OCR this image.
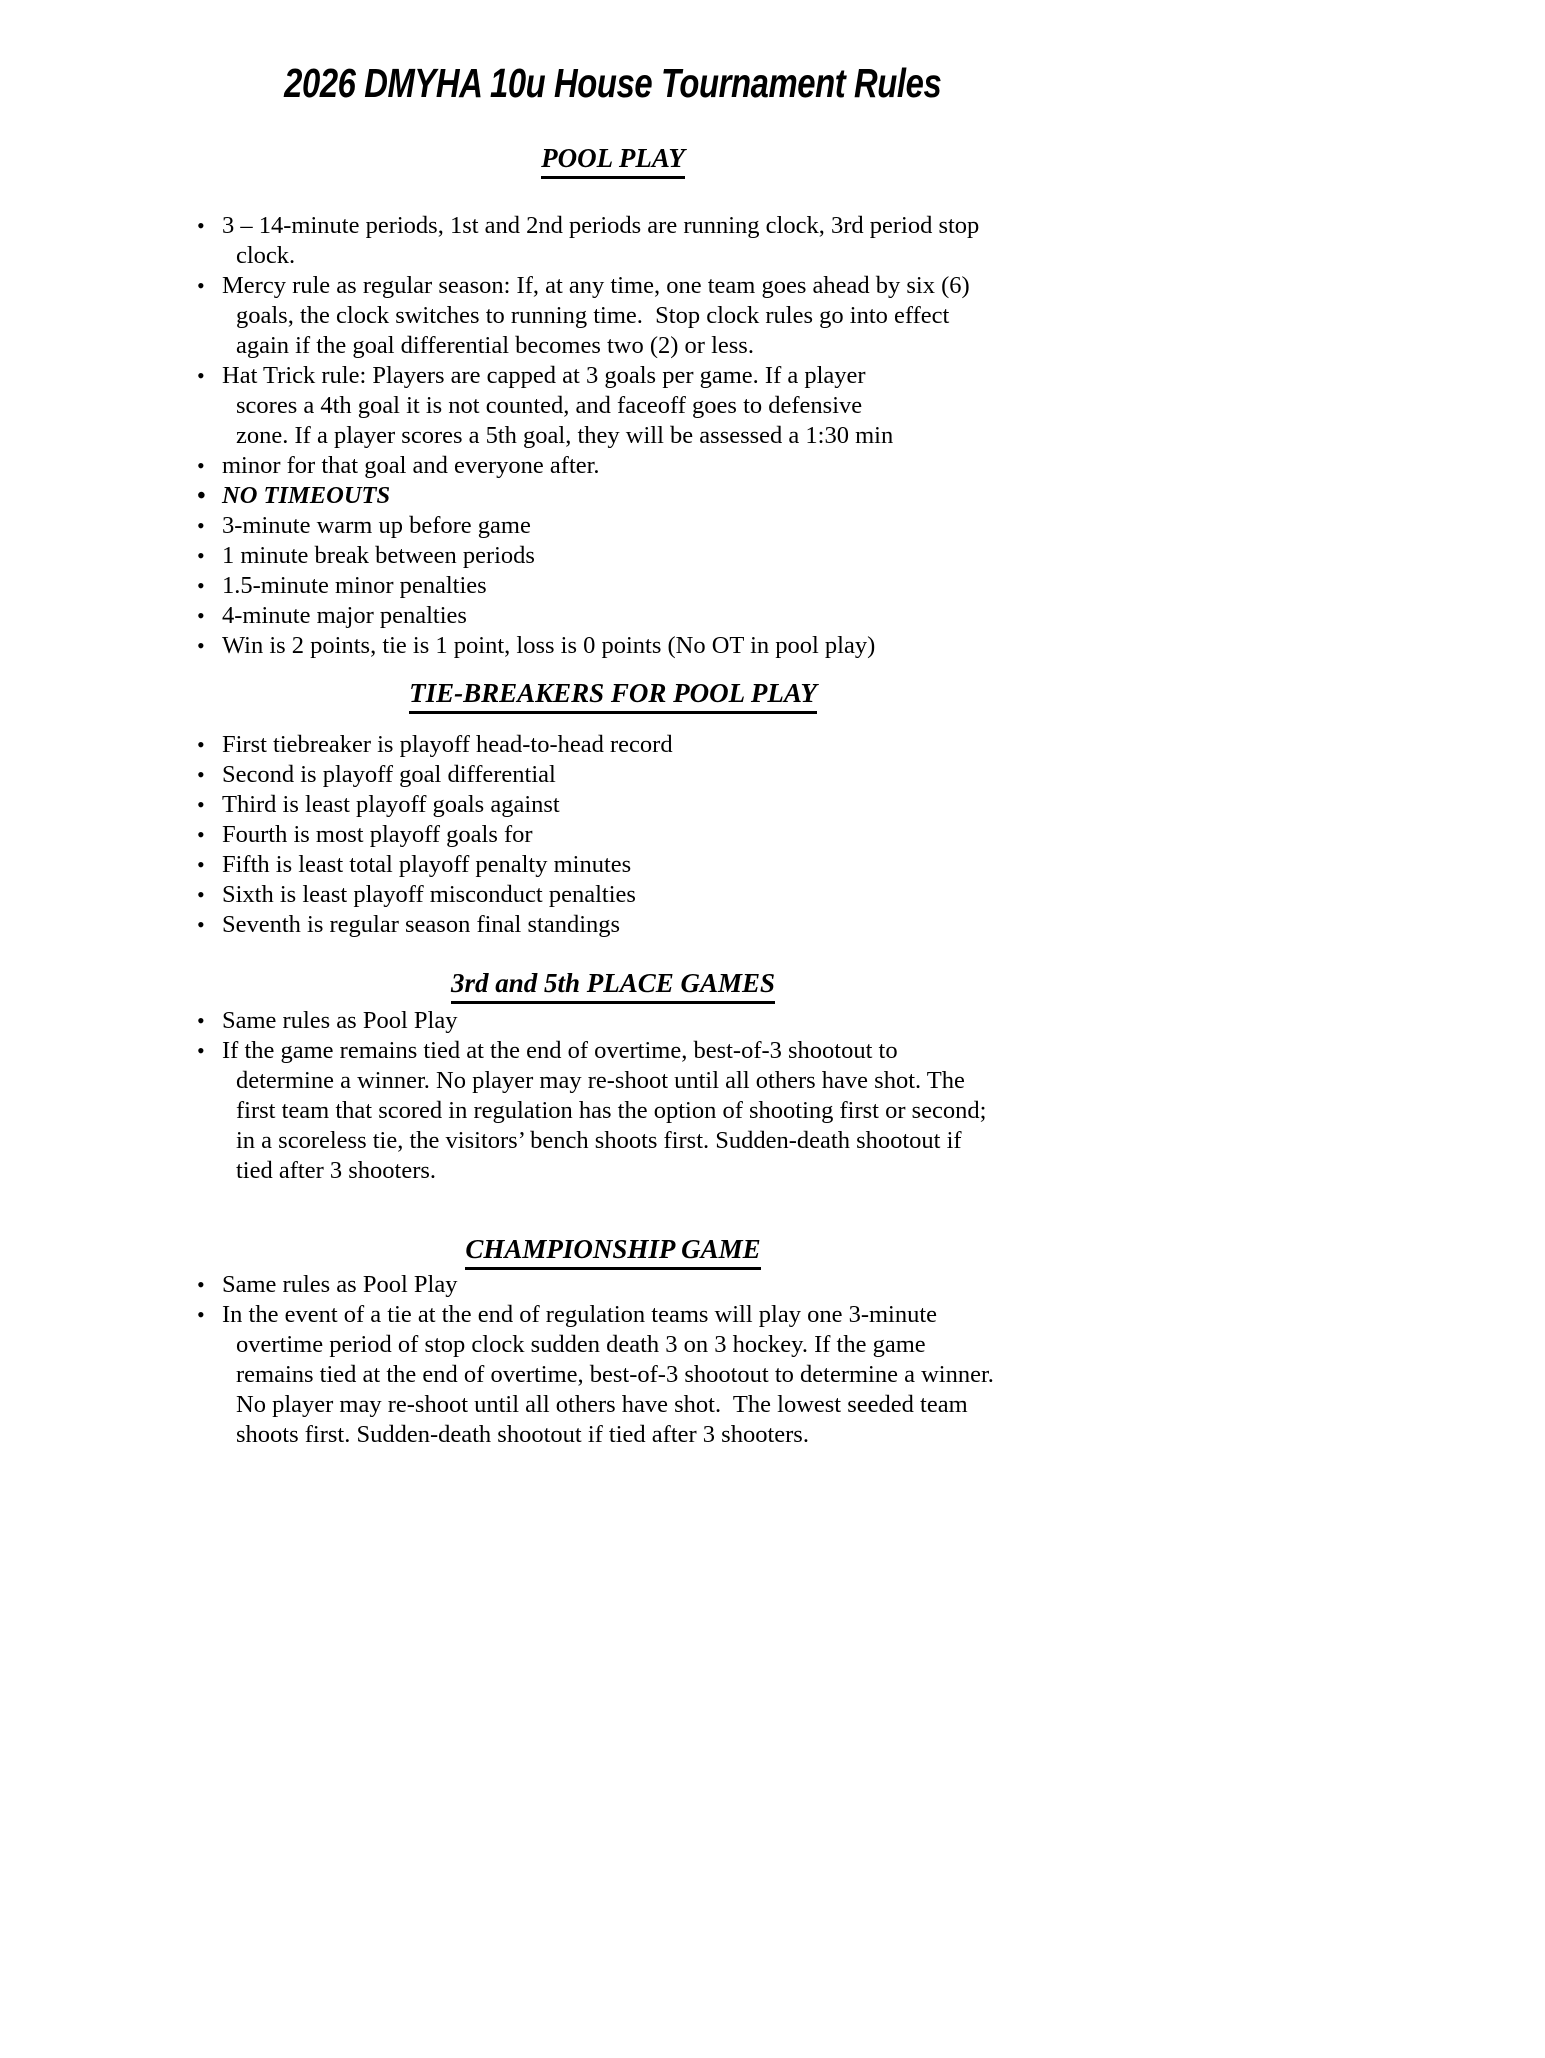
2026 DMYHA 10u House Tournament Rules
POOL PLAY
• 3 – 14-minute periods, 1st and 2nd periods are running clock, 3rd period stop
clock.
• Mercy rule as regular season: If, at any time, one team goes ahead by six (6)
goals, the clock switches to running time.  Stop clock rules go into effect
again if the goal differential becomes two (2) or less.
• Hat Trick rule: Players are capped at 3 goals per game. If a player
scores a 4th goal it is not counted, and faceoff goes to defensive
zone. If a player scores a 5th goal, they will be assessed a 1:30 min
• minor for that goal and everyone after.
• NO TIMEOUTS
• 3-minute warm up before game
• 1 minute break between periods
• 1.5-minute minor penalties
• 4-minute major penalties
• Win is 2 points, tie is 1 point, loss is 0 points (No OT in pool play)
TIE-BREAKERS FOR POOL PLAY
• First tiebreaker is playoff head-to-head record
• Second is playoff goal differential
• Third is least playoff goals against
• Fourth is most playoff goals for
• Fifth is least total playoff penalty minutes
• Sixth is least playoff misconduct penalties
• Seventh is regular season final standings
3rd and 5th PLACE GAMES
• Same rules as Pool Play
• If the game remains tied at the end of overtime, best-of-3 shootout to
determine a winner. No player may re-shoot until all others have shot. The
first team that scored in regulation has the option of shooting first or second;
in a scoreless tie, the visitors’ bench shoots first. Sudden-death shootout if
tied after 3 shooters.
CHAMPIONSHIP GAME
• Same rules as Pool Play
• In the event of a tie at the end of regulation teams will play one 3-minute
overtime period of stop clock sudden death 3 on 3 hockey. If the game
remains tied at the end of overtime, best-of-3 shootout to determine a winner.
No player may re-shoot until all others have shot.  The lowest seeded team
shoots first. Sudden-death shootout if tied after 3 shooters.
